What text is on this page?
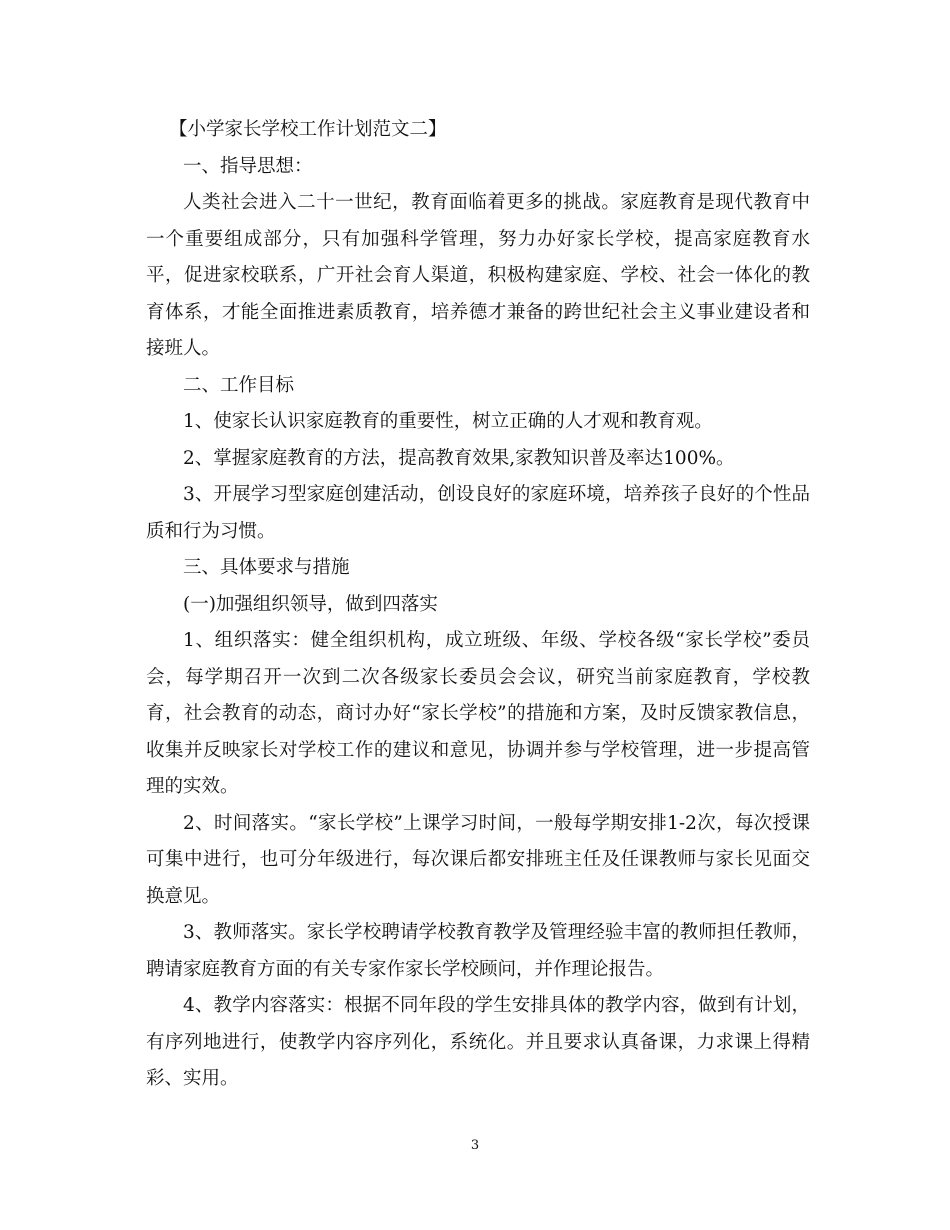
【小学家长学校工作计划范文二】

一、指导思想：

人类社会进入二十一世纪，教育面临着更多的挑战。家庭教育是现代教育中一个重要组成部分，只有加强科学管理，努力办好家长学校，提高家庭教育水平，促进家校联系，广开社会育人渠道，积极构建家庭、学校、社会一体化的教育体系，才能全面推进素质教育，培养德才兼备的跨世纪社会主义事业建设者和接班人。

二、工作目标

1、使家长认识家庭教育的重要性，树立正确的人才观和教育观。

2、掌握家庭教育的方法，提高教育效果,家教知识普及率达100%。

3、开展学习型家庭创建活动，创设良好的家庭环境，培养孩子良好的个性品质和行为习惯。

三、具体要求与措施

(一)加强组织领导，做到四落实

1、组织落实：健全组织机构，成立班级、年级、学校各级“家长学校”委员会，每学期召开一次到二次各级家长委员会会议，研究当前家庭教育，学校教育，社会教育的动态，商讨办好“家长学校”的措施和方案，及时反馈家教信息，收集并反映家长对学校工作的建议和意见，协调并参与学校管理，进一步提高管理的实效。

2、时间落实。“家长学校”上课学习时间，一般每学期安排1-2次，每次授课可集中进行，也可分年级进行，每次课后都安排班主任及任课教师与家长见面交换意见。

3、教师落实。家长学校聘请学校教育教学及管理经验丰富的教师担任教师，聘请家庭教育方面的有关专家作家长学校顾问，并作理论报告。

4、教学内容落实：根据不同年段的学生安排具体的教学内容，做到有计划，有序列地进行，使教学内容序列化，系统化。并且要求认真备课，力求课上得精彩、实用。

3
